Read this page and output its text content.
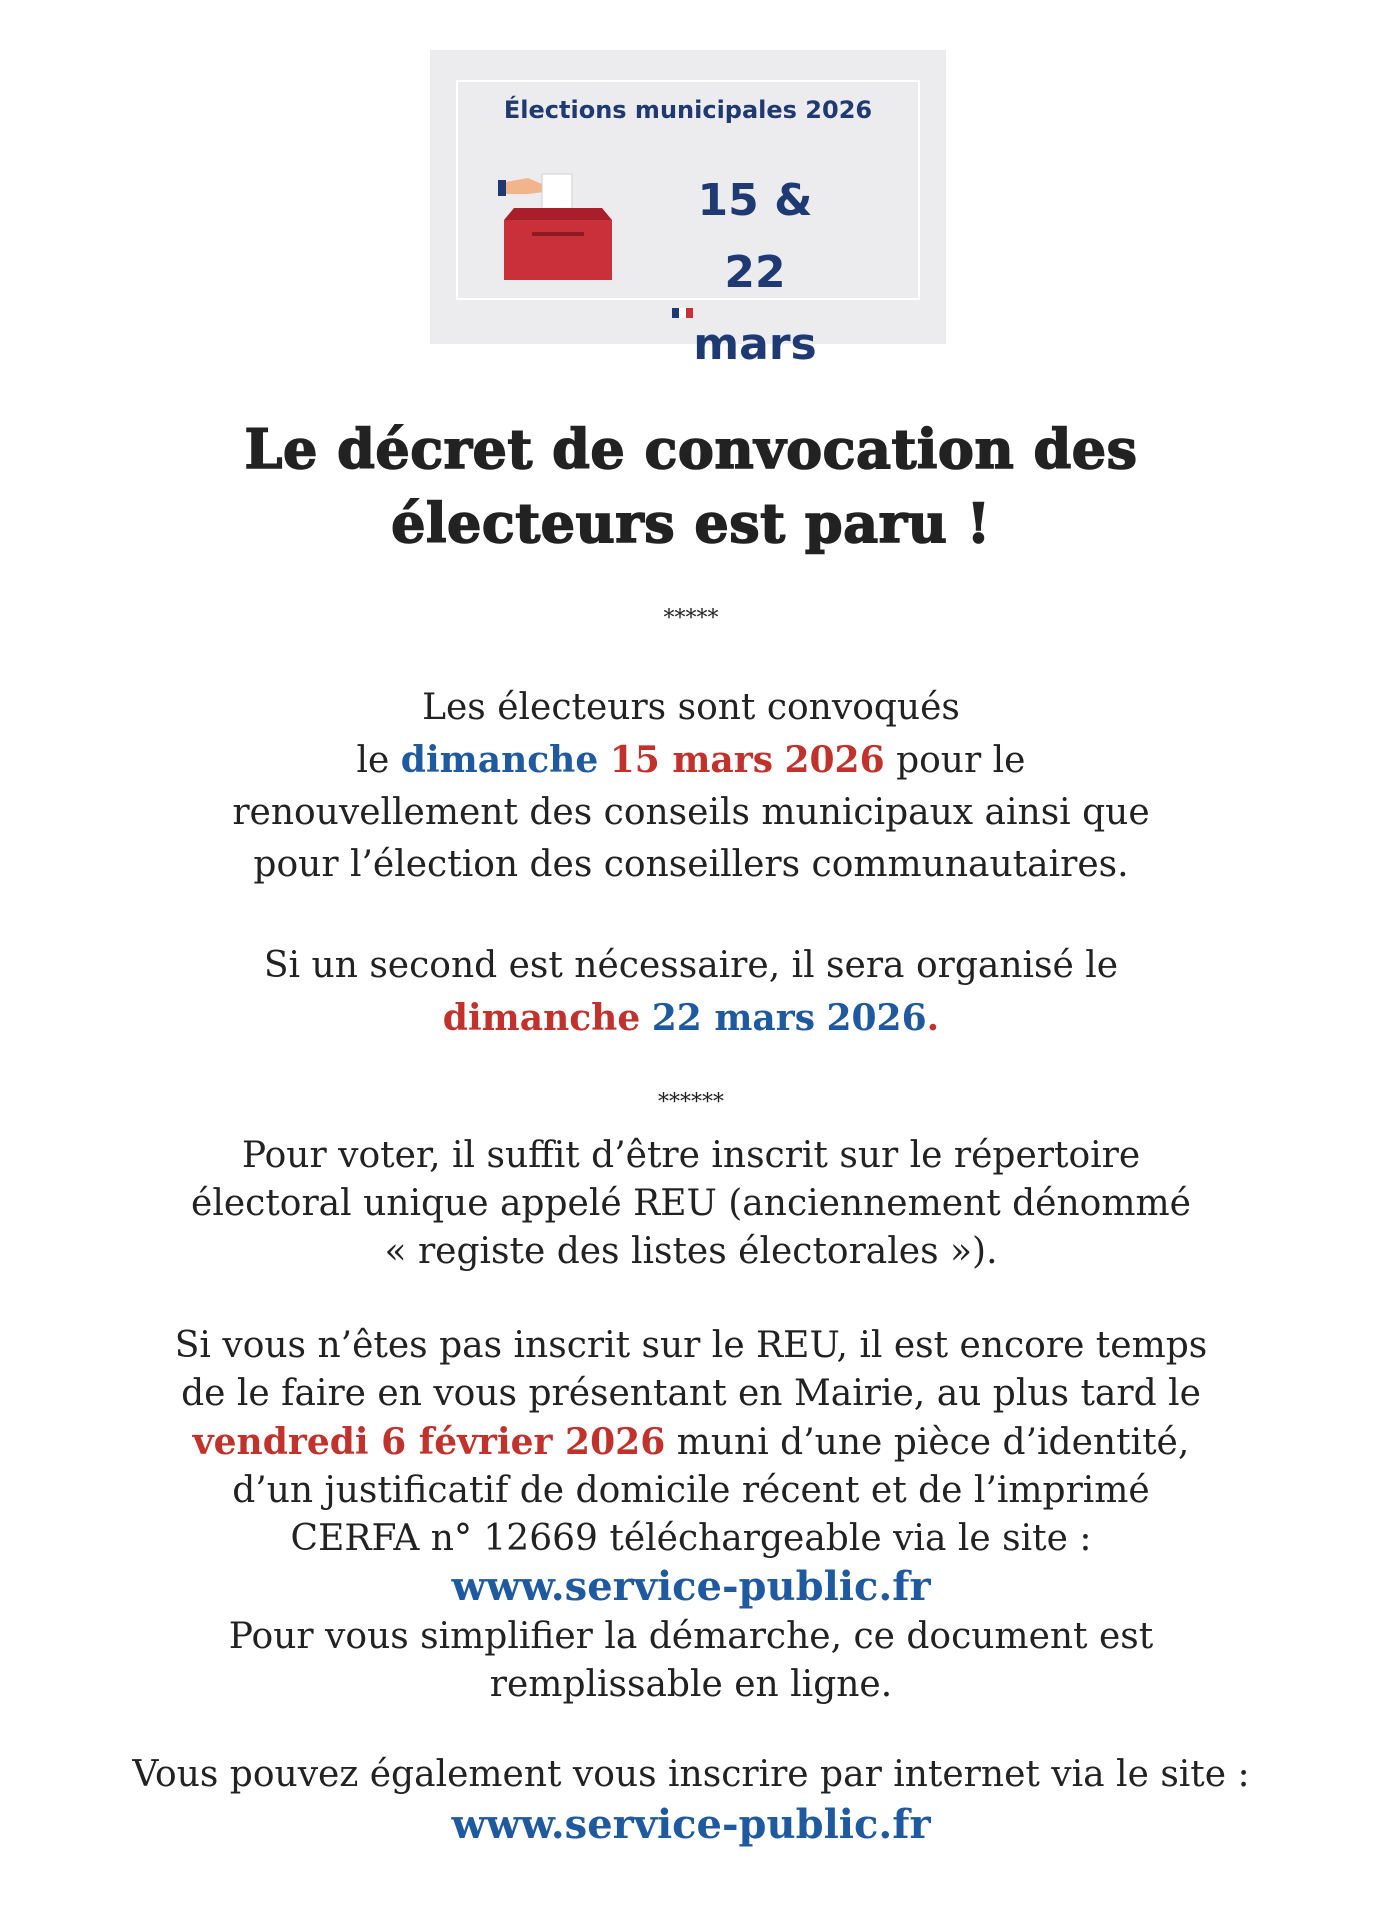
Élections municipales 2026
15 & 22
mars
Le décret de convocation des
électeurs est paru !
*****

Les électeurs sont convoqués

le dimanche 15 mars 2026 pour le

renouvellement des conseils municipaux ainsi que

pour l’élection des conseillers communautaires.

Si un second est nécessaire, il sera organisé le

dimanche 22 mars 2026.

******

Pour voter, il suffit d’être inscrit sur le répertoire

électoral unique appelé REU (anciennement dénommé

« registe des listes électorales »).

Si vous n’êtes pas inscrit sur le REU, il est encore temps

de le faire en vous présentant en Mairie, au plus tard le

vendredi 6 février 2026 muni d’une pièce d’identité,

d’un justificatif de domicile récent et de l’imprimé

CERFA n° 12669 téléchargeable via le site :

www.service-public.fr

Pour vous simplifier la démarche, ce document est

remplissable en ligne.

Vous pouvez également vous inscrire par internet via le site :

www.service-public.fr
